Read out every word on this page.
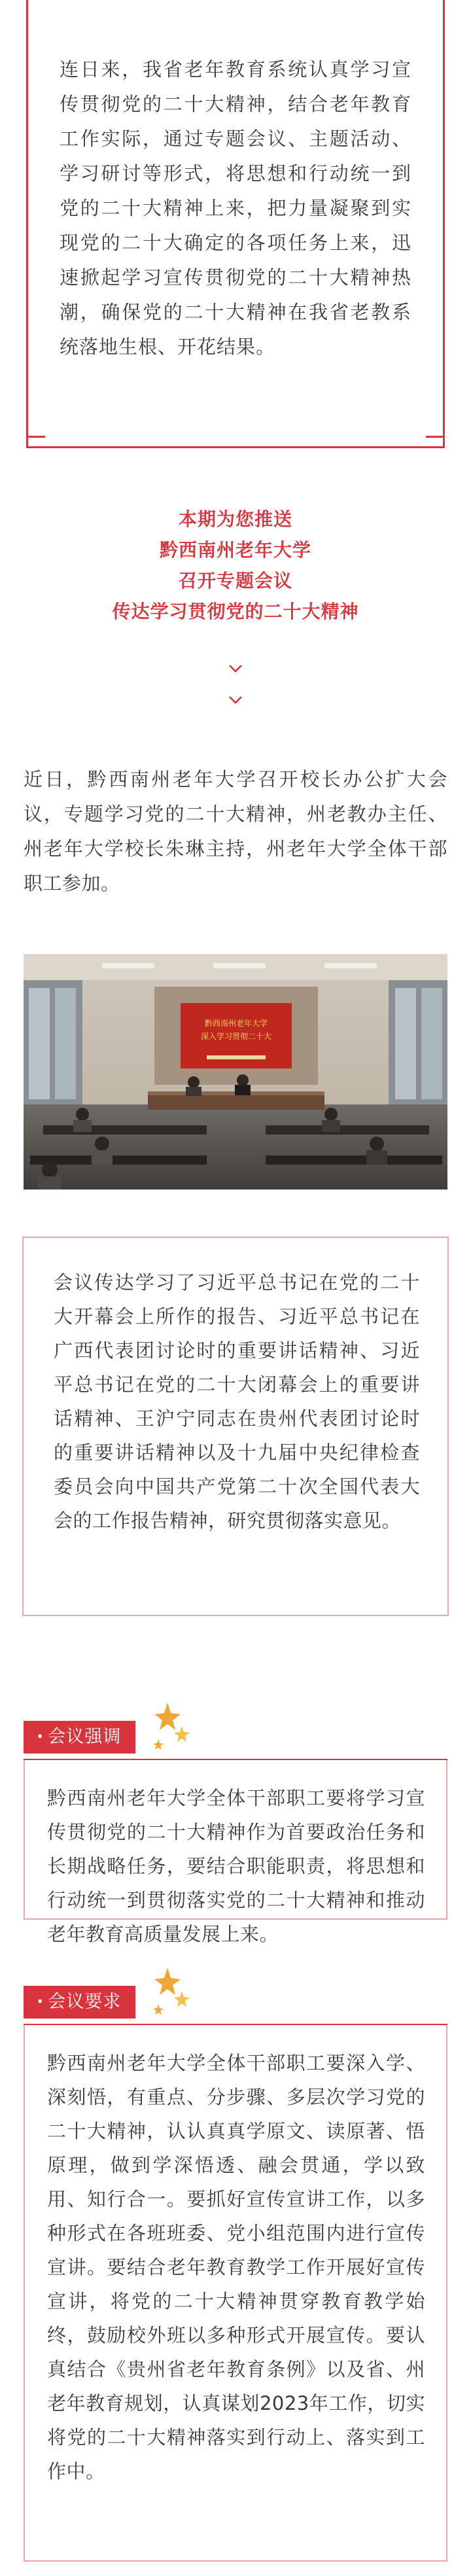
连日来，我省老年教育系统认真学习宣传贯彻党的二十大精神，结合老年教育工作实际，通过专题会议、主题活动、学习研讨等形式，将思想和行动统一到党的二十大精神上来，把力量凝聚到实现党的二十大确定的各项任务上来，迅速掀起学习宣传贯彻党的二十大精神热潮，确保党的二十大精神在我省老教系统落地生根、开花结果。

本期为您推送
黔西南州老年大学
召开专题会议
传达学习贯彻党的二十大精神

近日，黔西南州老年大学召开校长办公扩大会议，专题学习党的二十大精神，州老教办主任、州老年大学校长朱琳主持，州老年大学全体干部职工参加。

黔西南州老年大学
深入学习贯彻二十大

会议传达学习了习近平总书记在党的二十大开幕会上所作的报告、习近平总书记在广西代表团讨论时的重要讲话精神、习近平总书记在党的二十大闭幕会上的重要讲话精神、王沪宁同志在贵州代表团讨论时的重要讲话精神以及十九届中央纪律检查委员会向中国共产党第二十次全国代表大会的工作报告精神，研究贯彻落实意见。

· 会议强调

黔西南州老年大学全体干部职工要将学习宣传贯彻党的二十大精神作为首要政治任务和长期战略任务，要结合职能职责，将思想和行动统一到贯彻落实党的二十大精神和推动老年教育高质量发展上来。

· 会议要求

黔西南州老年大学全体干部职工要深入学、深刻悟，有重点、分步骤、多层次学习党的二十大精神，认认真真学原文、读原著、悟原理，做到学深悟透、融会贯通，学以致用、知行合一。要抓好宣传宣讲工作，以多种形式在各班班委、党小组范围内进行宣传宣讲。要结合老年教育教学工作开展好宣传宣讲，将党的二十大精神贯穿教育教学始终，鼓励校外班以多种形式开展宣传。要认真结合《贵州省老年教育条例》以及省、州老年教育规划，认真谋划2023年工作，切实将党的二十大精神落实到行动上、落实到工作中。
